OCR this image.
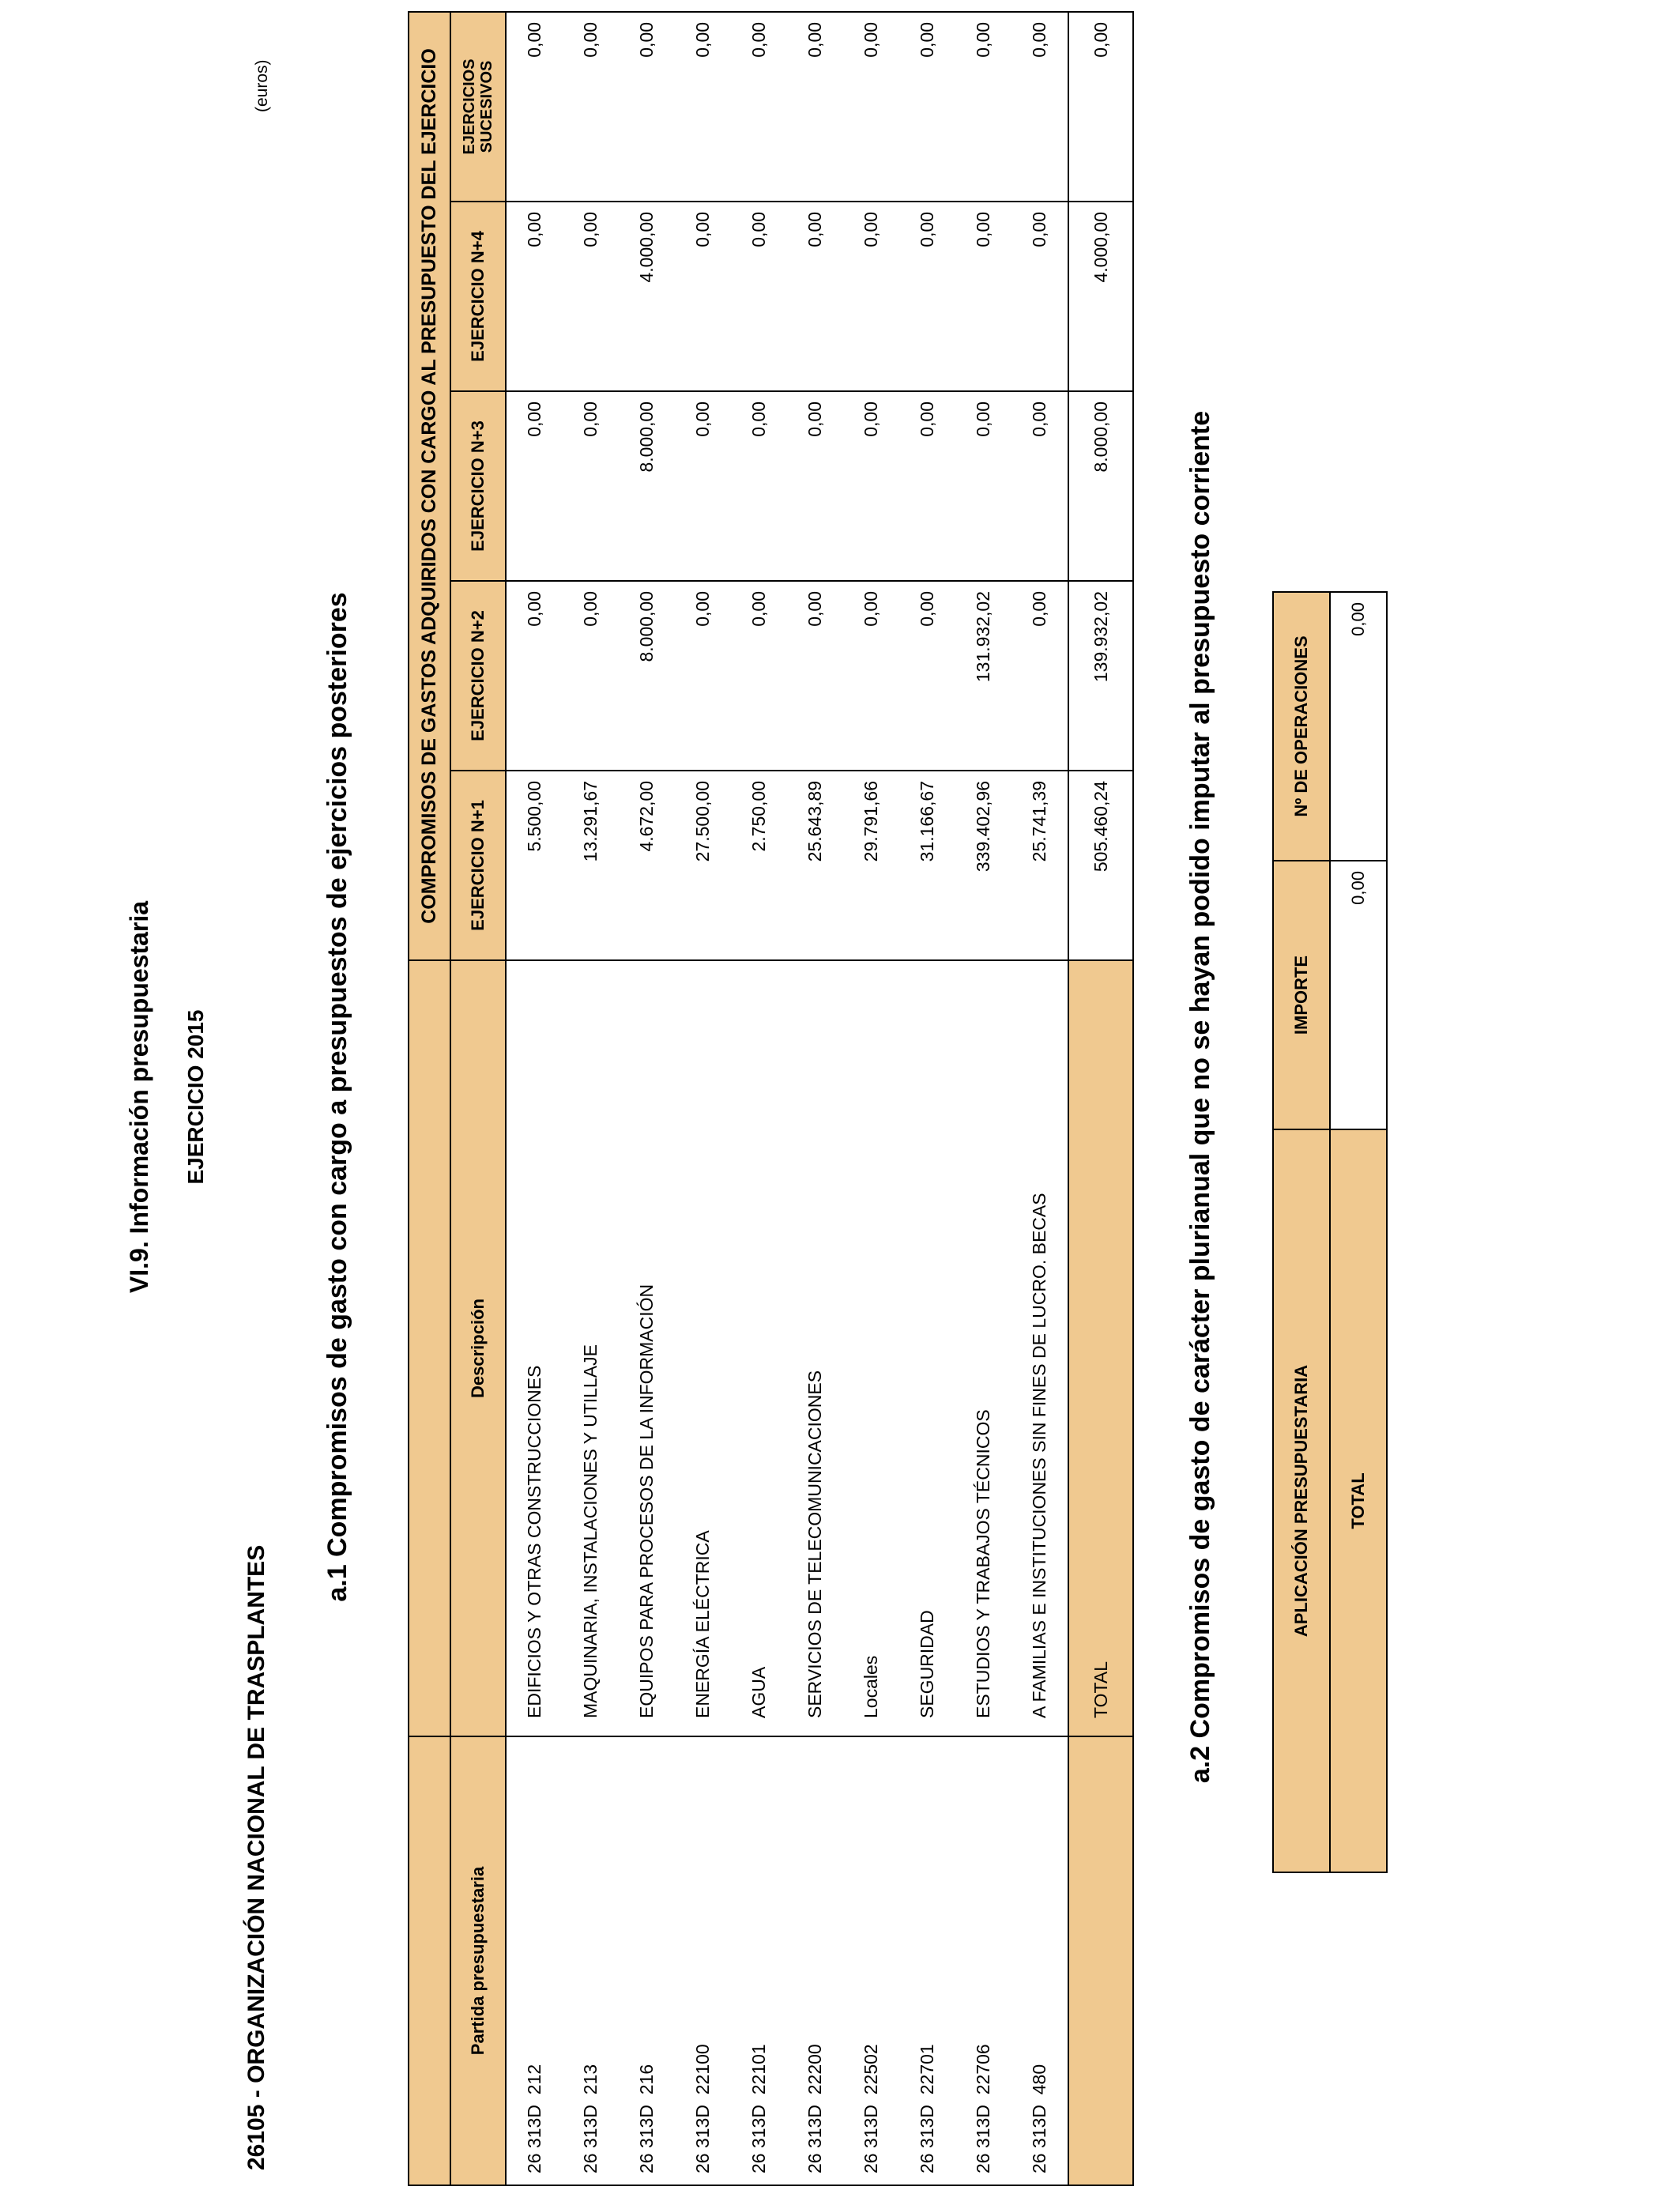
VI.9. Información presupuestaria EJERCICIO 2015
26105 - ORGANIZACIÓN NACIONAL DE TRASPLANTES
(euros)
a.1 Compromisos de gasto con cargo a presupuestos de ejercicios posteriores
		COMPROMISOS DE GASTOS ADQUIRIDOS CON CARGO AL PRESUPUESTO DEL EJERCICIO				
Partida presupuestaria	Descripción	EJERCICIO N+1	EJERCICIO N+2	EJERCICIO N+3	EJERCICIO N+4	EJERCICIOS SUCESIVOS
26 313D  212	EDIFICIOS Y OTRAS CONSTRUCCIONES	5.500,00	0,00	0,00	0,00	0,00
26 313D  213	MAQUINARIA, INSTALACIONES Y UTILLAJE	13.291,67	0,00	0,00	0,00	0,00
26 313D  216	EQUIPOS PARA PROCESOS DE LA INFORMACIÓN	4.672,00	8.000,00	8.000,00	4.000,00	0,00
26 313D  22100	ENERGÍA ELÉCTRICA	27.500,00	0,00	0,00	0,00	0,00
26 313D  22101	AGUA	2.750,00	0,00	0,00	0,00	0,00
26 313D  22200	SERVICIOS DE TELECOMUNICACIONES	25.643,89	0,00	0,00	0,00	0,00
26 313D  22502	Locales	29.791,66	0,00	0,00	0,00	0,00
26 313D  22701	SEGURIDAD	31.166,67	0,00	0,00	0,00	0,00
26 313D  22706	ESTUDIOS Y TRABAJOS TÉCNICOS	339.402,96	131.932,02	0,00	0,00	0,00
26 313D  480	A FAMILIAS E INSTITUCIONES SIN FINES DE LUCRO. BECAS	25.741,39	0,00	0,00	0,00	0,00
	TOTAL	505.460,24	139.932,02	8.000,00	4.000,00	0,00
a.2 Compromisos de gasto de carácter plurianual que no se hayan podido imputar al presupuesto corriente	APLICACIÓN PRESUPUESTARIA	IMPORTE	Nº DE OPERACIONES
TOTAL	0,00	0,00
